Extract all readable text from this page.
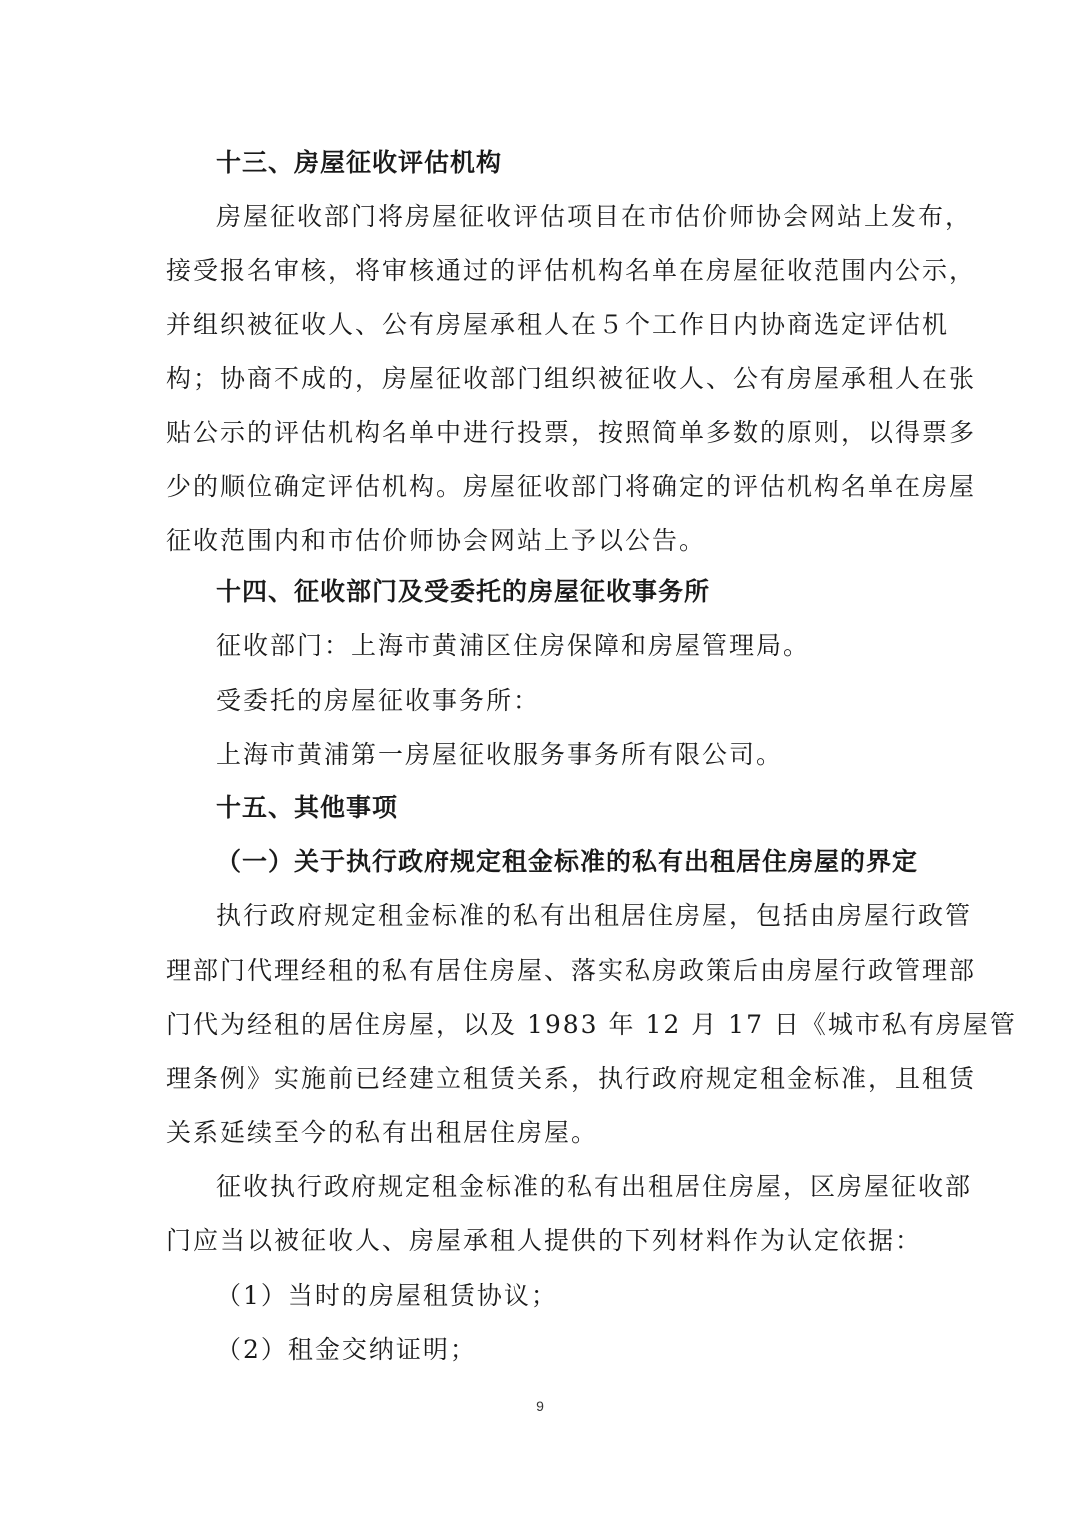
十三、房屋征收评估机构
房屋征收部门将房屋征收评估项目在市估价师协会网站上发布，
接受报名审核，将审核通过的评估机构名单在房屋征收范围内公示，
并组织被征收人、公有房屋承租人在５个工作日内协商选定评估机
构；协商不成的，房屋征收部门组织被征收人、公有房屋承租人在张
贴公示的评估机构名单中进行投票，按照简单多数的原则，以得票多
少的顺位确定评估机构。房屋征收部门将确定的评估机构名单在房屋
征收范围内和市估价师协会网站上予以公告。
十四、征收部门及受委托的房屋征收事务所
征收部门：上海市黄浦区住房保障和房屋管理局。
受委托的房屋征收事务所：
上海市黄浦第一房屋征收服务事务所有限公司。
十五、其他事项
（一）关于执行政府规定租金标准的私有出租居住房屋的界定
执行政府规定租金标准的私有出租居住房屋，包括由房屋行政管
理部门代理经租的私有居住房屋、落实私房政策后由房屋行政管理部
门代为经租的居住房屋，以及 1983 年 12 月 17 日《城市私有房屋管
理条例》实施前已经建立租赁关系，执行政府规定租金标准，且租赁
关系延续至今的私有出租居住房屋。
征收执行政府规定租金标准的私有出租居住房屋，区房屋征收部
门应当以被征收人、房屋承租人提供的下列材料作为认定依据：
（1）当时的房屋租赁协议；
（2）租金交纳证明；
9
